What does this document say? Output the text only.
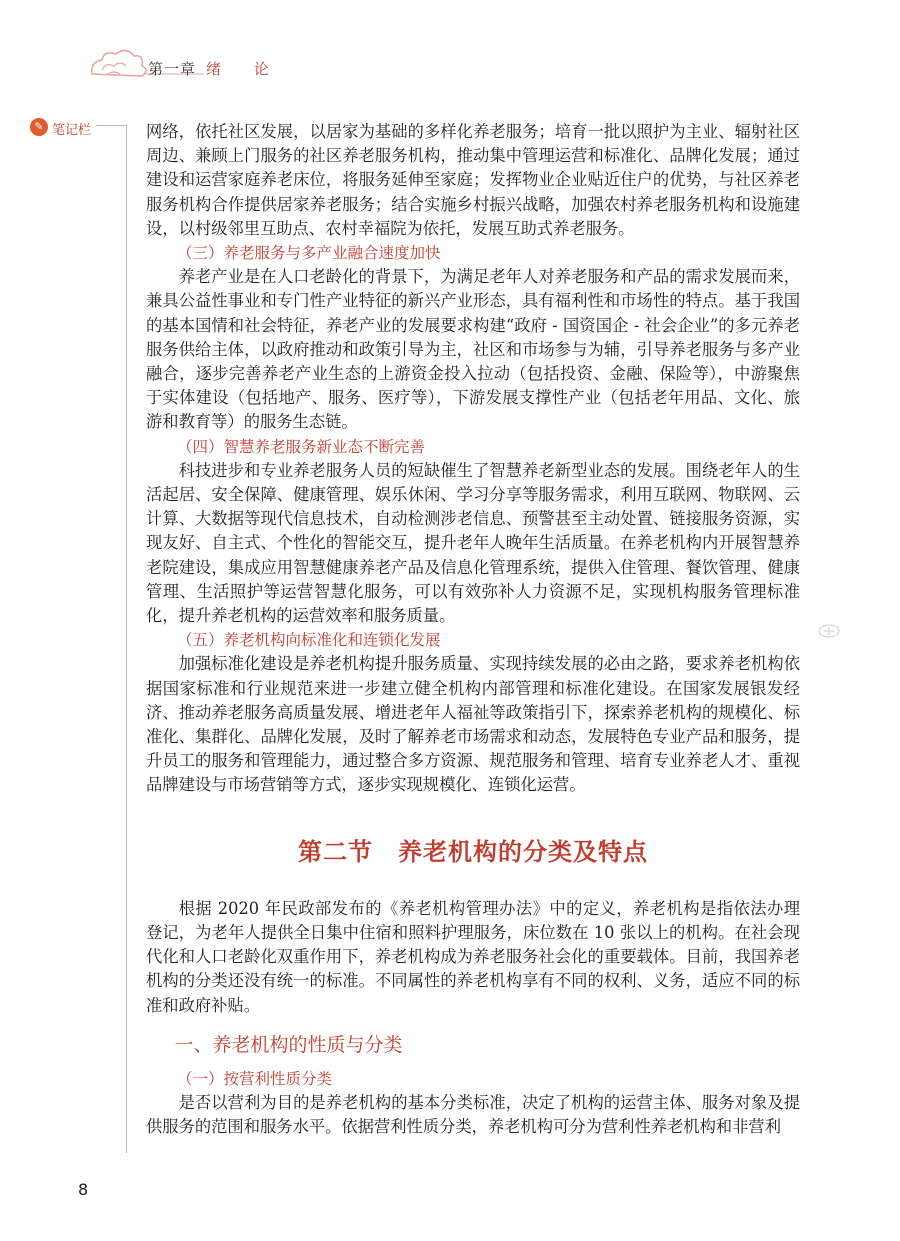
第一章 绪 论
✎ 笔记栏	网络，依托社区发展，以居家为基础的多样化养老服务；培育一批以照护为主业、辐射社区周边、兼顾上门服务的社区养老服务机构，推动集中管理运营和标准化、品牌化发展；通过建设和运营家庭养老床位，将服务延伸至家庭；发挥物业企业贴近住户的优势，与社区养老服务机构合作提供居家养老服务；结合实施乡村振兴战略，加强农村养老服务机构和设施建设，以村级邻里互助点、农村幸福院为依托，发展互助式养老服务。

（三）养老服务与多产业融合速度加快

养老产业是在人口老龄化的背景下，为满足老年人对养老服务和产品的需求发展而来，兼具公益性事业和专门性产业特征的新兴产业形态，具有福利性和市场性的特点。基于我国的基本国情和社会特征，养老产业的发展要求构建“政府 - 国资国企 - 社会企业”的多元养老服务供给主体，以政府推动和政策引导为主，社区和市场参与为辅，引导养老服务与多产业融合，逐步完善养老产业生态的上游资金投入拉动（包括投资、金融、保险等），中游聚焦于实体建设（包括地产、服务、医疗等），下游发展支撑性产业（包括老年用品、文化、旅游和教育等）的服务生态链。

（四）智慧养老服务新业态不断完善

科技进步和专业养老服务人员的短缺催生了智慧养老新型业态的发展。围绕老年人的生活起居、安全保障、健康管理、娱乐休闲、学习分享等服务需求，利用互联网、物联网、云计算、大数据等现代信息技术，自动检测涉老信息、预警甚至主动处置、链接服务资源，实现友好、自主式、个性化的智能交互，提升老年人晚年生活质量。在养老机构内开展智慧养老院建设，集成应用智慧健康养老产品及信息化管理系统，提供入住管理、餐饮管理、健康管理、生活照护等运营智慧化服务，可以有效弥补人力资源不足，实现机构服务管理标准化，提升养老机构的运营效率和服务质量。

（五）养老机构向标准化和连锁化发展

加强标准化建设是养老机构提升服务质量、实现持续发展的必由之路，要求养老机构依据国家标准和行业规范来进一步建立健全机构内部管理和标准化建设。在国家发展银发经济、推动养老服务高质量发展、增进老年人福祉等政策指引下，探索养老机构的规模化、标准化、集群化、品牌化发展，及时了解养老市场需求和动态，发展特色专业产品和服务，提升员工的服务和管理能力，通过整合多方资源、规范服务和管理、培育专业养老人才、重视品牌建设与市场营销等方式，逐步实现规模化、连锁化运营。

第二节　养老机构的分类及特点

根据 2020 年民政部发布的《养老机构管理办法》中的定义，养老机构是指依法办理登记，为老年人提供全日集中住宿和照料护理服务，床位数在 10 张以上的机构。在社会现代化和人口老龄化双重作用下，养老机构成为养老服务社会化的重要载体。目前，我国养老机构的分类还没有统一的标准。不同属性的养老机构享有不同的权利、义务，适应不同的标准和政府补贴。

一、养老机构的性质与分类

（一）按营利性质分类

是否以营利为目的是养老机构的基本分类标准，决定了机构的运营主体、服务对象及提供服务的范围和服务水平。依据营利性质分类，养老机构可分为营利性养老机构和非营利

8
